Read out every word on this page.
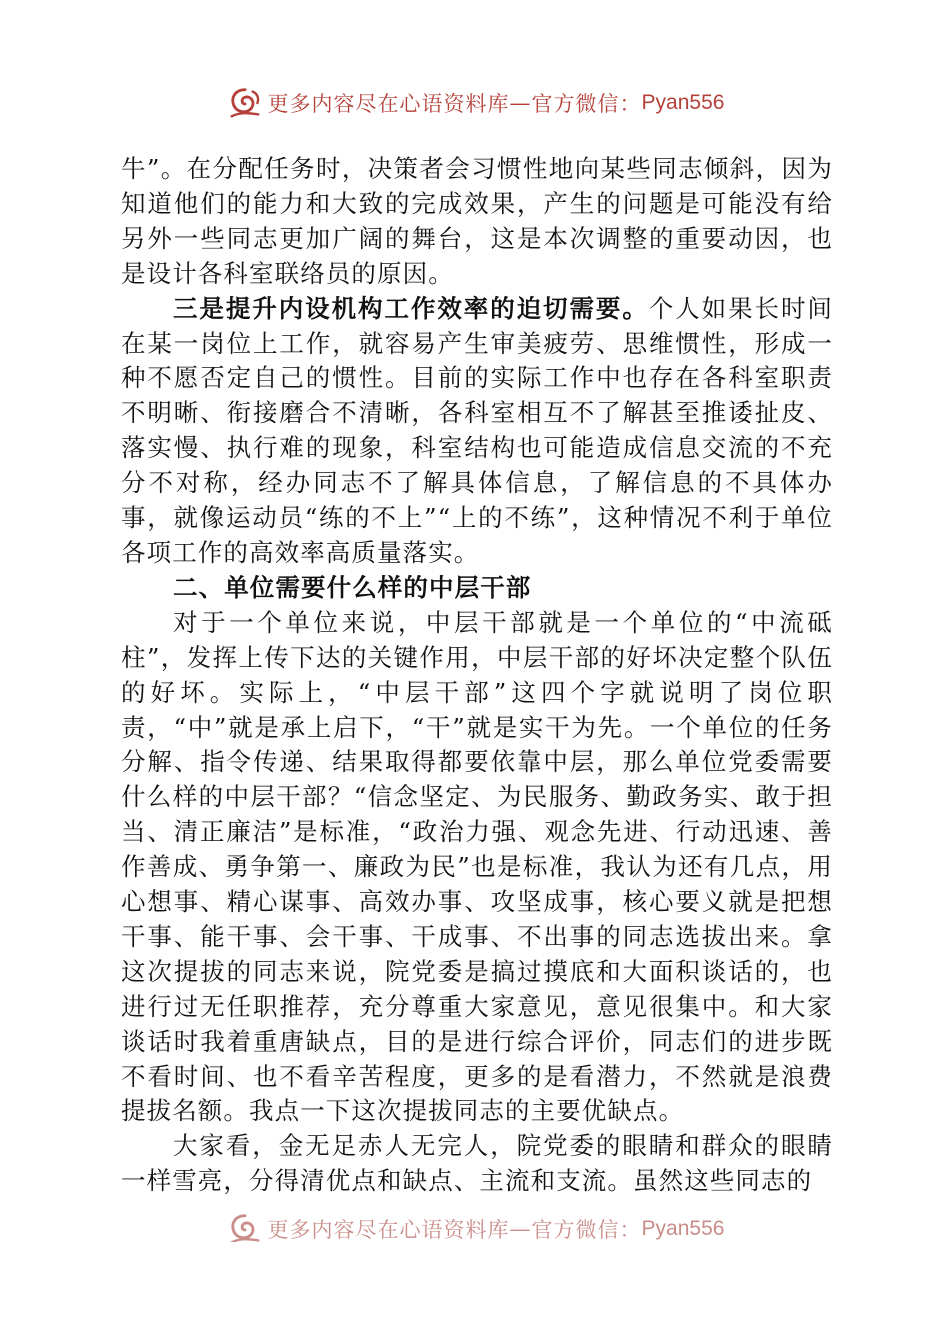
更多内容尽在心语资料库 — 官方微信： Pyan556

牛”。在分配任务时，决策者会习惯性地向某些同志倾斜，因为知道他们的能力和大致的完成效果，产生的问题是可能没有给另外一些同志更加广阔的舞台，这是本次调整的重要动因，也是设计各科室联络员的原因。

三是提升内设机构工作效率的迫切需要。个人如果长时间在某一岗位上工作，就容易产生审美疲劳、思维惯性，形成一种不愿否定自己的惯性。目前的实际工作中也存在各科室职责不明晰、衔接磨合不清晰，各科室相互不了解甚至推诿扯皮、落实慢、执行难的现象，科室结构也可能造成信息交流的不充分不对称，经办同志不了解具体信息，了解信息的不具体办事，就像运动员“练的不上”“上的不练”，这种情况不利于单位各项工作的高效率高质量落实。

二、单位需要什么样的中层干部

对于一个单位来说，中层干部就是一个单位的“中流砥柱”，发挥上传下达的关键作用，中层干部的好坏决定整个队伍的好坏。实际上，“中层干部”这四个字就说明了岗位职责，“中”就是承上启下，“干”就是实干为先。一个单位的任务分解、指令传递、结果取得都要依靠中层，那么单位党委需要什么样的中层干部？“信念坚定、为民服务、勤政务实、敢于担当、清正廉洁”是标准，“政治力强、观念先进、行动迅速、善作善成、勇争第一、廉政为民”也是标准，我认为还有几点，用心想事、精心谋事、高效办事、攻坚成事，核心要义就是把想干事、能干事、会干事、干成事、不出事的同志选拔出来。拿这次提拔的同志来说，院党委是搞过摸底和大面积谈话的，也进行过无任职推荐，充分尊重大家意见，意见很集中。和大家谈话时我着重唐缺点，目的是进行综合评价，同志们的进步既不看时间、也不看辛苦程度，更多的是看潜力，不然就是浪费提拔名额。我点一下这次提拔同志的主要优缺点。

大家看，金无足赤人无完人，院党委的眼睛和群众的眼睛一样雪亮，分得清优点和缺点、主流和支流。虽然这些同志的

更多内容尽在心语资料库 — 官方微信： Pyan556
